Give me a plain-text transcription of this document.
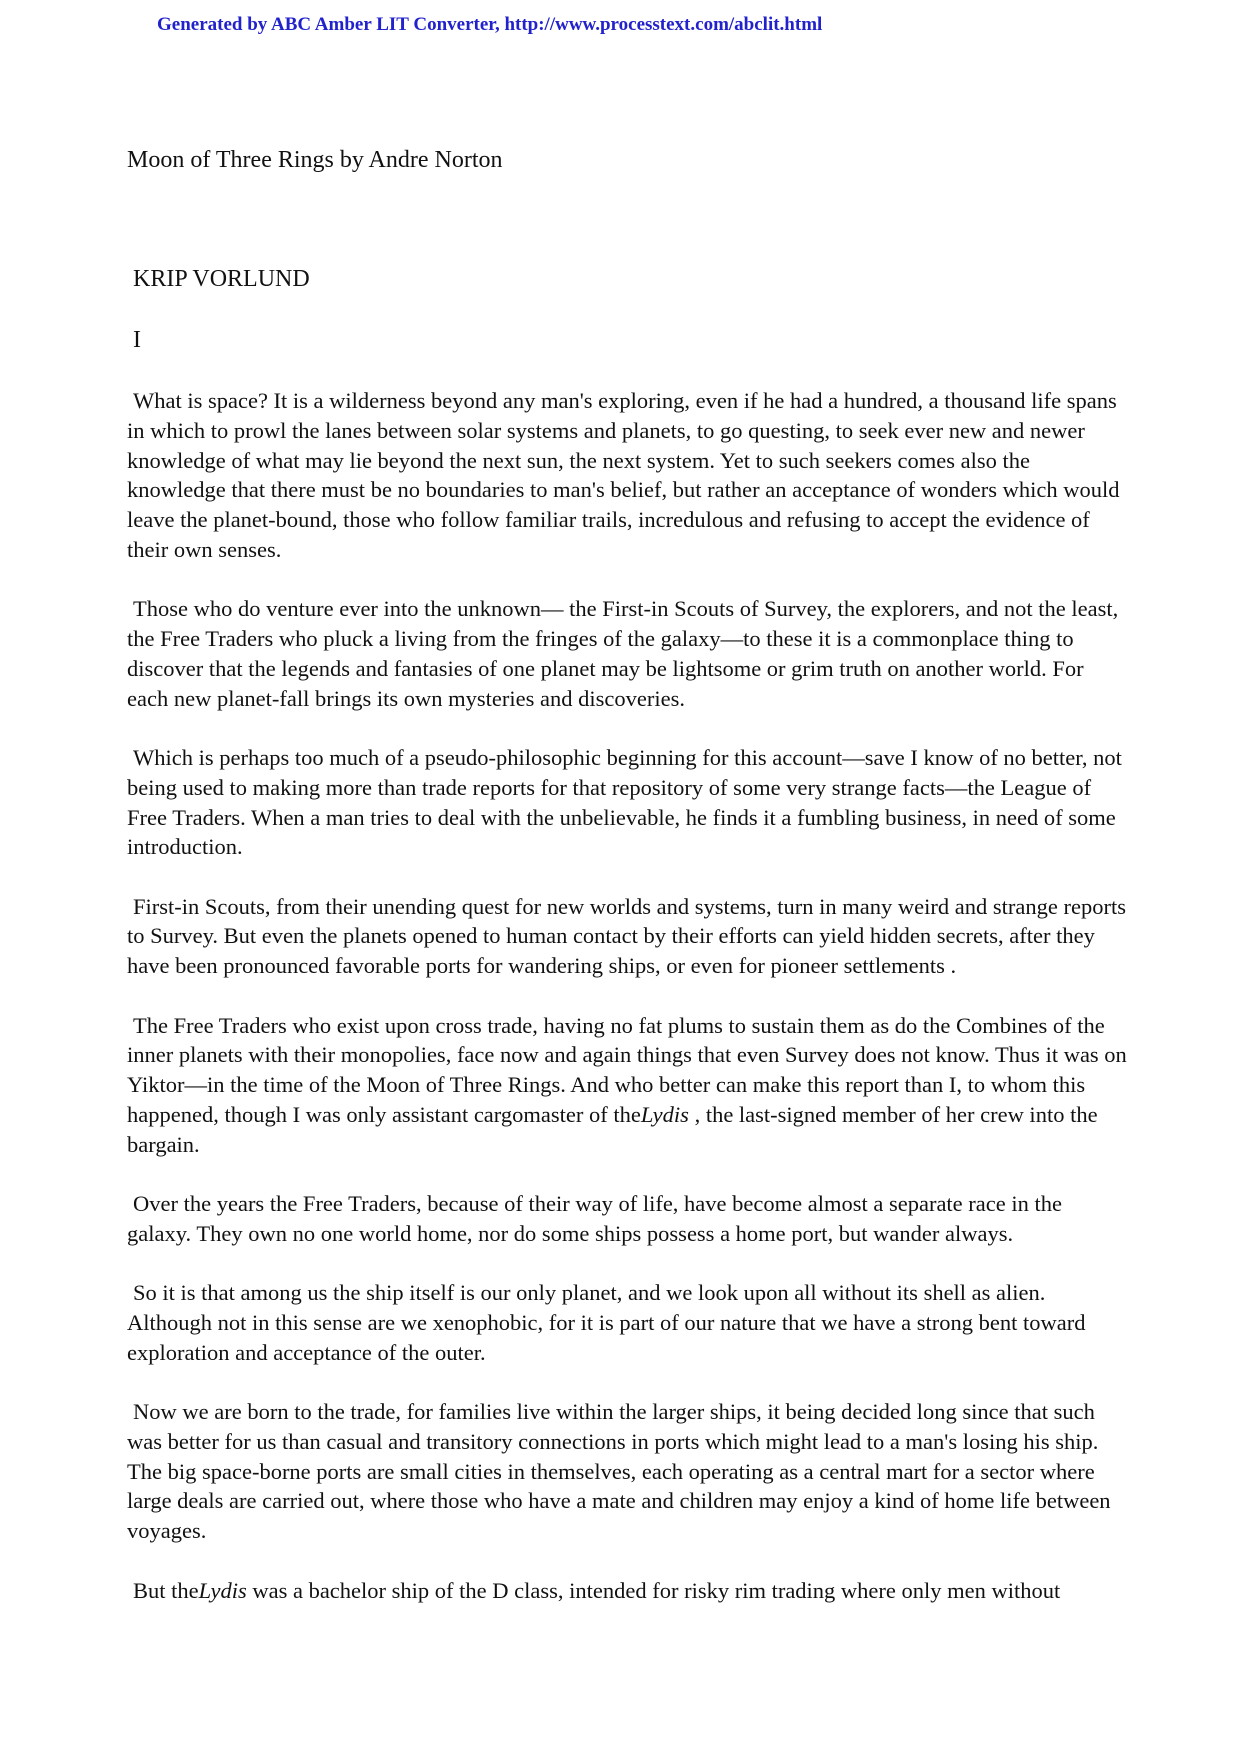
Generated by ABC Amber LIT Converter, http://www.processtext.com/abclit.html
Moon of Three Rings by Andre Norton
KRIP VORLUND
I

What is space? It is a wilderness beyond any man's exploring, even if he had a hundred, a thousand life spans in which to prowl the lanes between solar systems and planets, to go questing, to seek ever new and newer knowledge of what may lie beyond the next sun, the next system. Yet to such seekers comes also the knowledge that there must be no boundaries to man's belief, but rather an acceptance of wonders which would leave the planet-bound, those who follow familiar trails, incredulous and refusing to accept the evidence of their own senses.

Those who do venture ever into the unknown— the First-in Scouts of Survey, the explorers, and not the least, the Free Traders who pluck a living from the fringes of the galaxy—to these it is a commonplace thing to discover that the legends and fantasies of one planet may be lightsome or grim truth on another world. For each new planet-fall brings its own mysteries and discoveries.

Which is perhaps too much of a pseudo-philosophic beginning for this account—save I know of no better, not being used to making more than trade reports for that repository of some very strange facts—the League of Free Traders. When a man tries to deal with the unbelievable, he finds it a fumbling business, in need of some introduction.

First-in Scouts, from their unending quest for new worlds and systems, turn in many weird and strange reports to Survey. But even the planets opened to human contact by their efforts can yield hidden secrets, after they have been pronounced favorable ports for wandering ships, or even for pioneer settlements .

The Free Traders who exist upon cross trade, having no fat plums to sustain them as do the Combines of the inner planets with their monopolies, face now and again things that even Survey does not know. Thus it was on Yiktor—in the time of the Moon of Three Rings. And who better can make this report than I, to whom this happened, though I was only assistant cargomaster of theLydis , the last-signed member of her crew into the bargain.

Over the years the Free Traders, because of their way of life, have become almost a separate race in the galaxy. They own no one world home, nor do some ships possess a home port, but wander always.

So it is that among us the ship itself is our only planet, and we look upon all without its shell as alien. Although not in this sense are we xenophobic, for it is part of our nature that we have a strong bent toward exploration and acceptance of the outer.

Now we are born to the trade, for families live within the larger ships, it being decided long since that such was better for us than casual and transitory connections in ports which might lead to a man's losing his ship. The big space-borne ports are small cities in themselves, each operating as a central mart for a sector where large deals are carried out, where those who have a mate and children may enjoy a kind of home life between voyages.

But theLydis was a bachelor ship of the D class, intended for risky rim trading where only men without
